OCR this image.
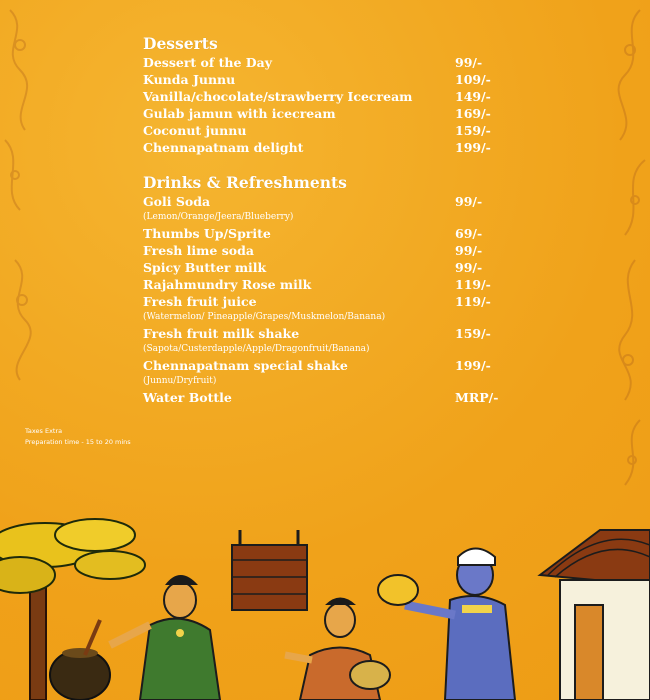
Desserts
Dessert of the Day	99/-
Kunda Junnu	109/-
Vanilla/chocolate/strawberry Icecream	149/-
Gulab jamun with icecream	169/-
Coconut junnu	159/-
Chennapatnam delight	199/-
Drinks & Refreshments
Goli Soda	99/-
(Lemon/Orange/Jeera/Blueberry)
Thumbs Up/Sprite	69/-
Fresh lime soda	99/-
Spicy Butter milk	99/-
Rajahmundry Rose milk	119/-
Fresh fruit juice	119/-
(Watermelon/ Pineapple/Grapes/Muskmelon/Banana)
Fresh fruit milk shake	159/-
(Sapota/Custerdapple/Apple/Dragonfruit/Banana)
Chennapatnam special shake	199/-
(Junnu/Dryfruit)
Water Bottle	MRP/-
Taxes Extra
Preparation time - 15 to 20 mins
